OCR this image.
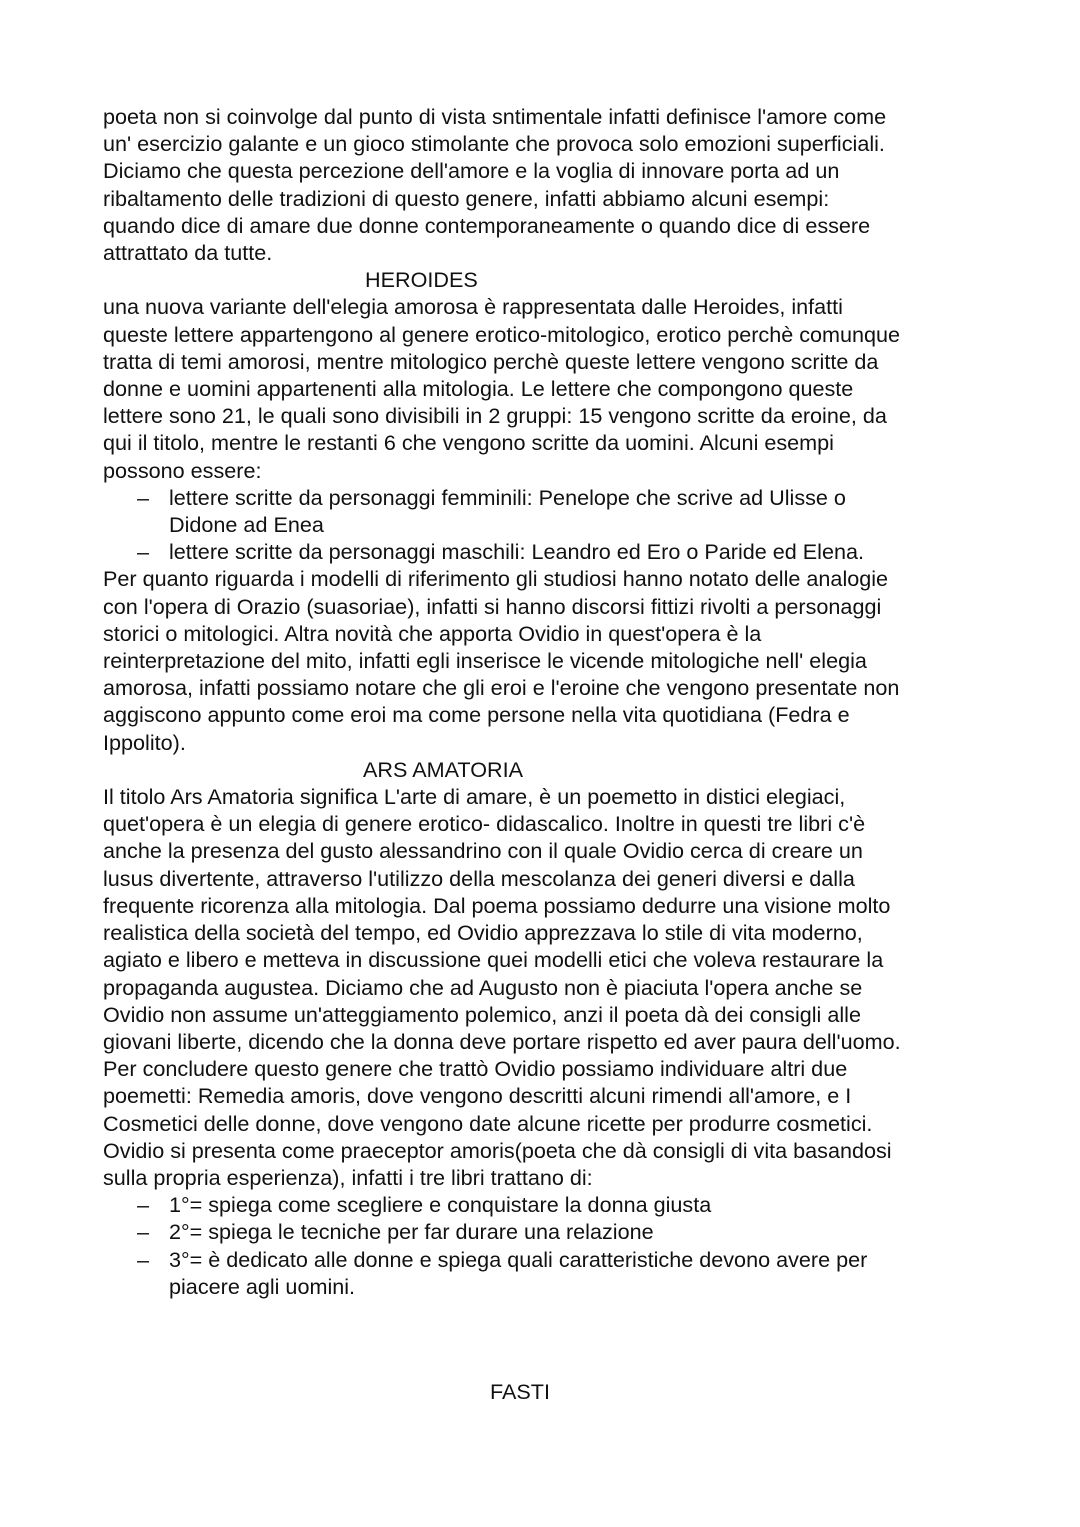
poeta non si coinvolge dal punto di vista sntimentale infatti definisce l'amore come
un' esercizio galante e un gioco stimolante che provoca solo emozioni superficiali.
Diciamo che questa percezione dell'amore e la voglia di innovare porta ad un
ribaltamento delle tradizioni di questo genere, infatti abbiamo alcuni esempi:
quando dice di amare due donne contemporaneamente o quando dice di essere
attrattato da tutte.
HEROIDES
una nuova variante dell'elegia amorosa è rappresentata dalle Heroides, infatti
queste lettere appartengono al genere erotico-mitologico, erotico perchè comunque
tratta di temi amorosi, mentre mitologico perchè queste lettere vengono scritte da
donne e uomini appartenenti alla mitologia. Le lettere che compongono queste
lettere sono 21, le quali sono divisibili in 2 gruppi: 15 vengono scritte da eroine, da
qui il titolo, mentre le restanti 6 che vengono scritte da uomini. Alcuni esempi
possono essere:
– lettere scritte da personaggi femminili: Penelope che scrive ad Ulisse o
Didone ad Enea
– lettere scritte da personaggi maschili: Leandro ed Ero o Paride ed Elena.
Per quanto riguarda i modelli di riferimento gli studiosi hanno notato delle analogie
con l'opera di Orazio (suasoriae), infatti si hanno discorsi fittizi rivolti a personaggi
storici o mitologici. Altra novità che apporta Ovidio in quest'opera è la
reinterpretazione del mito, infatti egli inserisce le vicende mitologiche nell' elegia
amorosa, infatti possiamo notare che gli eroi e l'eroine che vengono presentate non
aggiscono appunto come eroi ma come persone nella vita quotidiana (Fedra e
Ippolito).
ARS AMATORIA
Il titolo Ars Amatoria significa L'arte di amare, è un poemetto in distici elegiaci,
quet'opera è un elegia di genere erotico- didascalico. Inoltre in questi tre libri c'è
anche la presenza del gusto alessandrino con il quale Ovidio cerca di creare un
lusus divertente, attraverso l'utilizzo della mescolanza dei generi diversi e dalla
frequente ricorenza alla mitologia. Dal poema possiamo dedurre una visione molto
realistica della società del tempo, ed Ovidio apprezzava lo stile di vita moderno,
agiato e libero e metteva in discussione quei modelli etici che voleva restaurare la
propaganda augustea. Diciamo che ad Augusto non è piaciuta l'opera anche se
Ovidio non assume un'atteggiamento polemico, anzi il poeta dà dei consigli alle
giovani liberte, dicendo che la donna deve portare rispetto ed aver paura dell'uomo.
Per concludere questo genere che trattò Ovidio possiamo individuare altri due
poemetti: Remedia amoris, dove vengono descritti alcuni rimendi all'amore, e I
Cosmetici delle donne, dove vengono date alcune ricette per produrre cosmetici.
Ovidio si presenta come praeceptor amoris(poeta che dà consigli di vita basandosi
sulla propria esperienza), infatti i tre libri trattano di:
– 1°= spiega come scegliere e conquistare la donna giusta
– 2°= spiega le tecniche per far durare una relazione
– 3°= è dedicato alle donne e spiega quali caratteristiche devono avere per
piacere agli uomini.
FASTI
